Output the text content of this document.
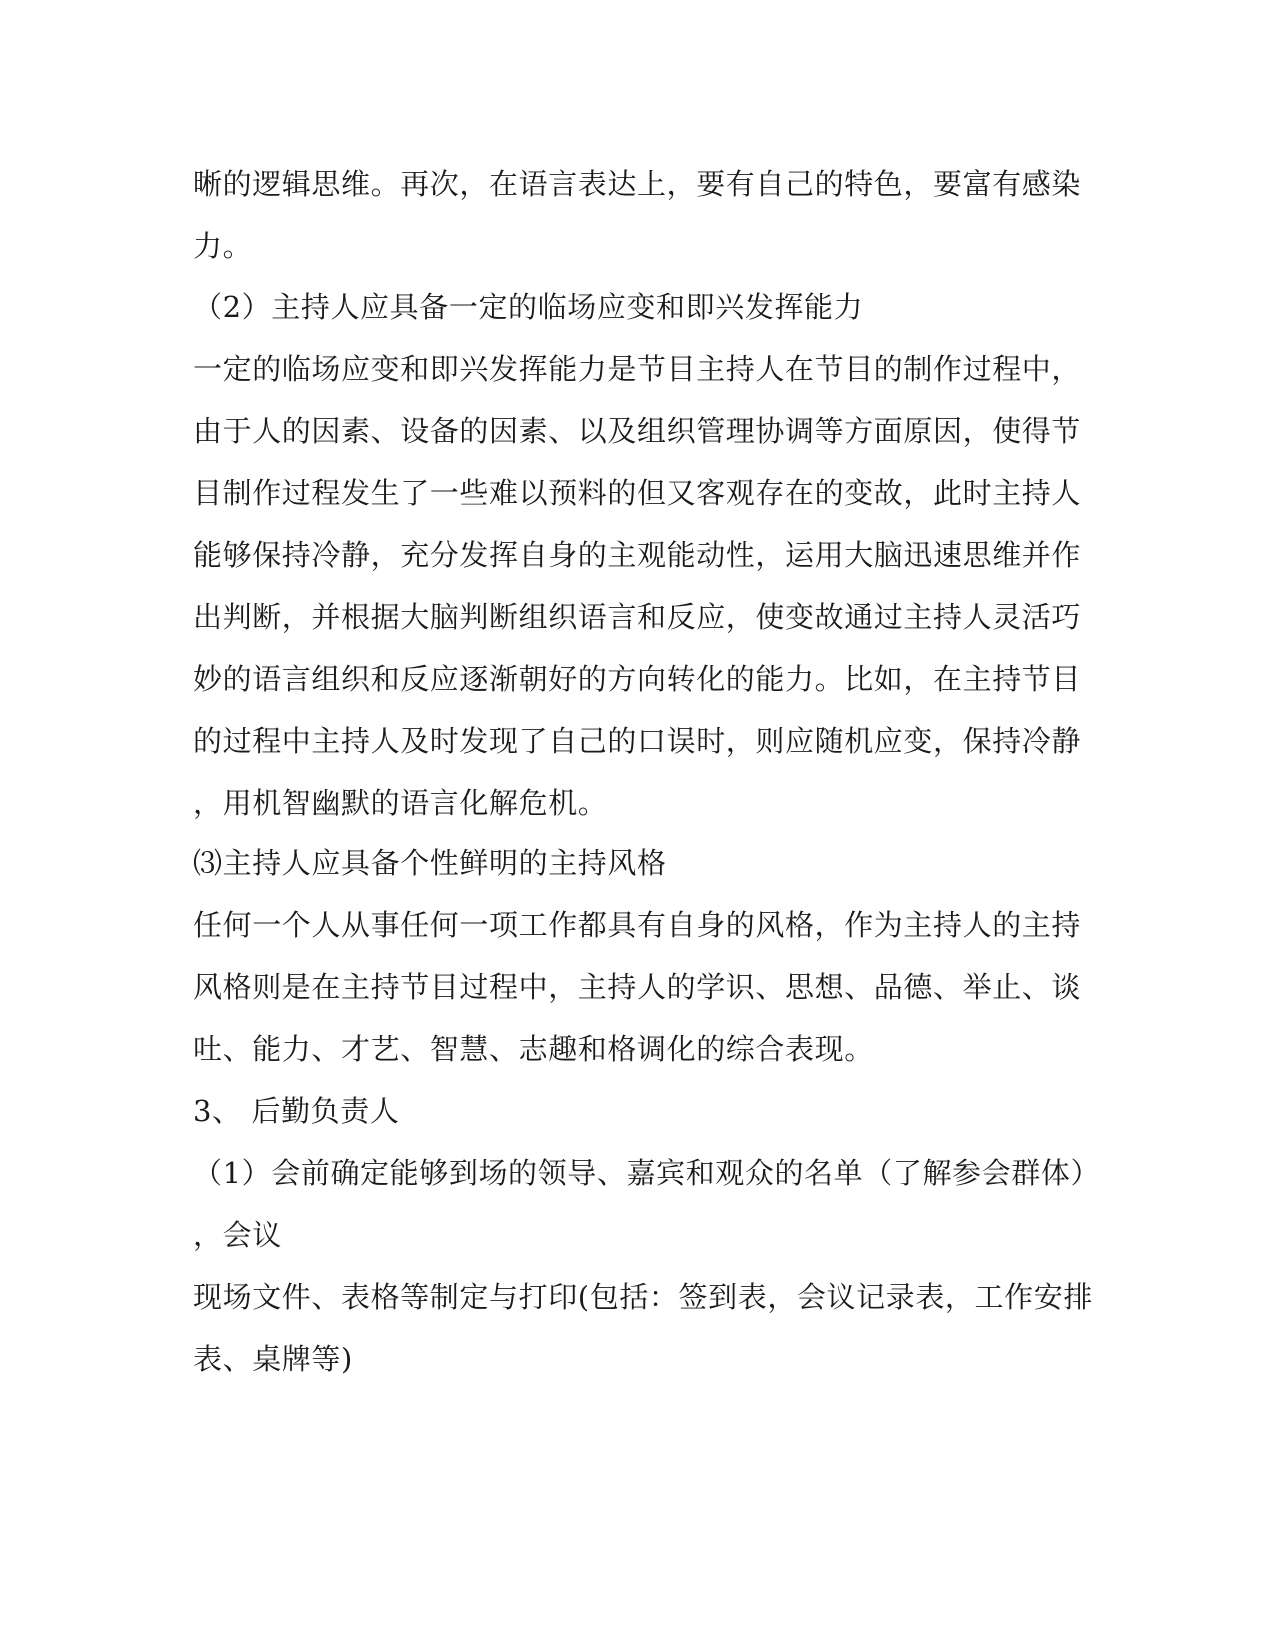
晰的逻辑思维。再次，在语言表达上，要有自己的特色，要富有感染

力。

（2）主持人应具备一定的临场应变和即兴发挥能力

一定的临场应变和即兴发挥能力是节目主持人在节目的制作过程中，

由于人的因素、设备的因素、以及组织管理协调等方面原因，使得节

目制作过程发生了一些难以预料的但又客观存在的变故，此时主持人

能够保持冷静，充分发挥自身的主观能动性，运用大脑迅速思维并作

出判断，并根据大脑判断组织语言和反应，使变故通过主持人灵活巧

妙的语言组织和反应逐渐朝好的方向转化的能力。比如，在主持节目

的过程中主持人及时发现了自己的口误时，则应随机应变，保持冷静

，用机智幽默的语言化解危机。

⑶主持人应具备个性鲜明的主持风格

任何一个人从事任何一项工作都具有自身的风格，作为主持人的主持

风格则是在主持节目过程中，主持人的学识、思想、品德、举止、谈

吐、能力、才艺、智慧、志趣和格调化的综合表现。

3、 后勤负责人

（1）会前确定能够到场的领导、嘉宾和观众的名单（了解参会群体）

，会议

现场文件、表格等制定与打印(包括：签到表，会议记录表，工作安排

表、桌牌等)
